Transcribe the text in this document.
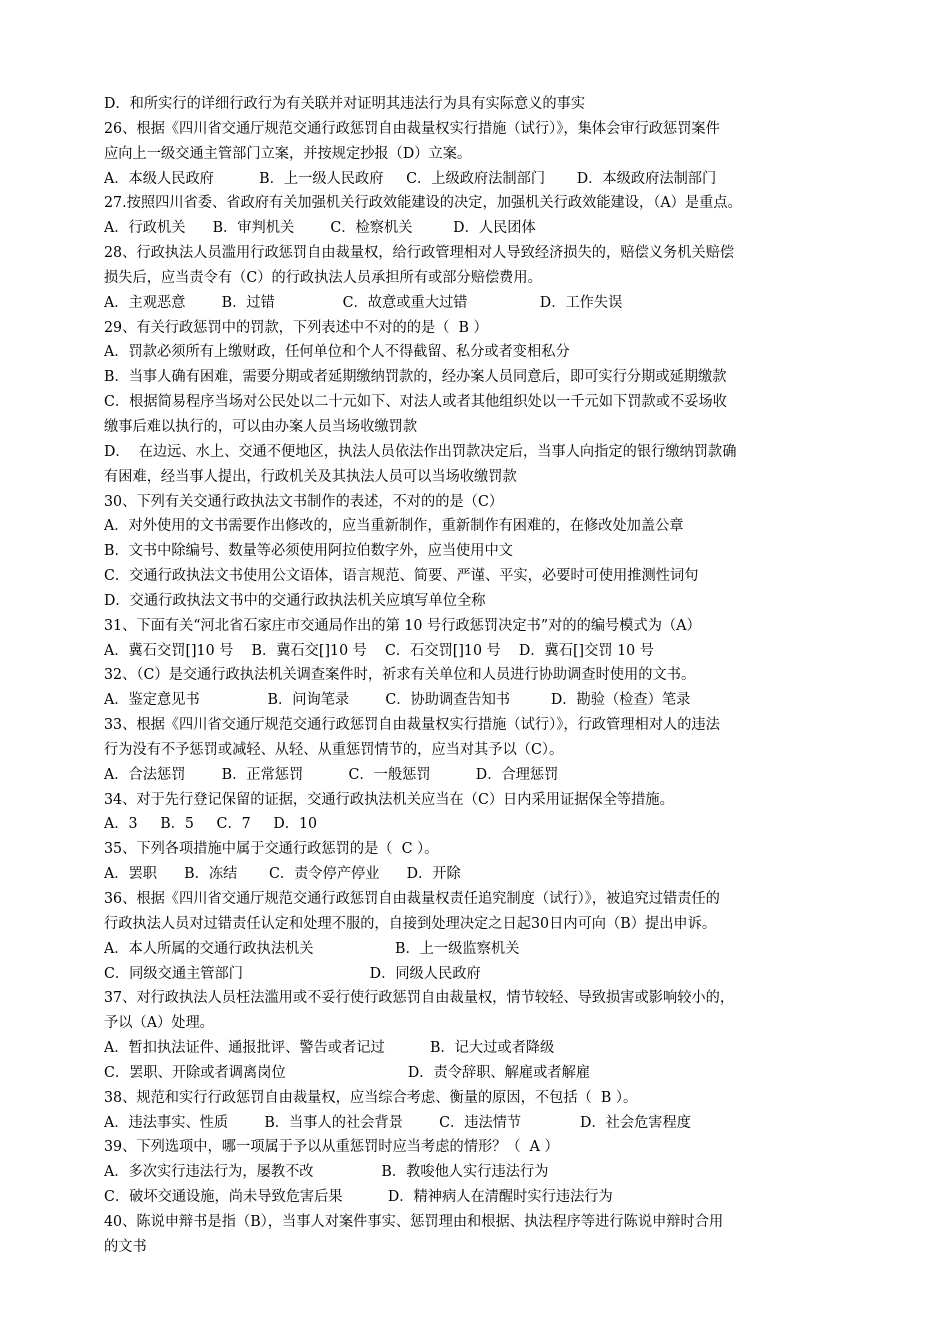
D．和所实行的详细行政行为有关联并对证明其违法行为具有实际意义的事实
26、根据《四川省交通厅规范交通行政惩罚自由裁量权实行措施（试行）》，集体会审行政惩罚案件
应向上一级交通主管部门立案，并按规定抄报（D）立案。
A．本级人民政府          B．上一级人民政府     C．上级政府法制部门       D．本级政府法制部门
27.按照四川省委、省政府有关加强机关行政效能建设的决定，加强机关行政效能建设，（A）是重点。
A．行政机关      B．审判机关        C．检察机关         D．人民团体
28、行政执法人员滥用行政惩罚自由裁量权，给行政管理相对人导致经济损失的，赔偿义务机关赔偿
损失后，应当责令有（C）的行政执法人员承担所有或部分赔偿费用。
A．主观恶意        B．过错               C．故意或重大过错                D．工作失误
29、有关行政惩罚中的罚款，下列表述中不对的的是（  B ）
A．罚款必须所有上缴财政，任何单位和个人不得截留、私分或者变相私分
B．当事人确有困难，需要分期或者延期缴纳罚款的，经办案人员同意后，即可实行分期或延期缴款
C．根据简易程序当场对公民处以二十元如下、对法人或者其他组织处以一千元如下罚款或不妥场收
缴事后难以执行的，可以由办案人员当场收缴罚款
D．  在边远、水上、交通不便地区，执法人员依法作出罚款决定后，当事人向指定的银行缴纳罚款确
有困难，经当事人提出，行政机关及其执法人员可以当场收缴罚款
30、下列有关交通行政执法文书制作的表述，不对的的是（C）
A．对外使用的文书需要作出修改的，应当重新制作，重新制作有困难的，在修改处加盖公章
B．文书中除编号、数量等必须使用阿拉伯数字外，应当使用中文
C．交通行政执法文书使用公文语体，语言规范、简要、严谨、平实，必要时可使用推测性词句
D．交通行政执法文书中的交通行政执法机关应填写单位全称
31、下面有关“河北省石家庄市交通局作出的第 10 号行政惩罚决定书”对的的编号模式为（A）
A．冀石交罚[]10 号    B．冀石交[]10 号    C．石交罚[]10 号    D．冀石[]交罚 10 号
32、（C）是交通行政执法机关调查案件时，祈求有关单位和人员进行协助调查时使用的文书。
A．鉴定意见书               B．问询笔录        C．协助调查告知书         D．勘验（检查）笔录
33、根据《四川省交通厅规范交通行政惩罚自由裁量权实行措施（试行）》，行政管理相对人的违法
行为没有不予惩罚或减轻、从轻、从重惩罚情节的，应当对其予以（C）。
A．合法惩罚        B．正常惩罚          C．一般惩罚          D．合理惩罚
34、对于先行登记保留的证据，交通行政执法机关应当在（C）日内采用证据保全等措施。
A．3     B．5     C．7     D．10
35、下列各项措施中属于交通行政惩罚的是（  C ）。
A．罢职      B．冻结       C．责令停产停业      D．开除
36、根据《四川省交通厅规范交通行政惩罚自由裁量权责任追究制度（试行）》，被追究过错责任的
行政执法人员对过错责任认定和处理不服的，自接到处理决定之日起30日内可向（B）提出申诉。
A．本人所属的交通行政执法机关                  B．上一级监察机关
C．同级交通主管部门                            D．同级人民政府
37、对行政执法人员枉法滥用或不妥行使行政惩罚自由裁量权，情节较轻、导致损害或影响较小的，
予以（A）处理。
A．暂扣执法证件、通报批评、警告或者记过          B．记大过或者降级
C．罢职、开除或者调离岗位                           D．责令辞职、解雇或者解雇
38、规范和实行行政惩罚自由裁量权，应当综合考虑、衡量的原因，不包括（  B ）。
A．违法事实、性质        B．当事人的社会背景        C．违法情节             D．社会危害程度
39、下列选项中，哪一项属于予以从重惩罚时应当考虑的情形？（  A ）
A．多次实行违法行为，屡教不改               B．教唆他人实行违法行为
C．破坏交通设施，尚未导致危害后果          D．精神病人在清醒时实行违法行为
40、陈说申辩书是指（B），当事人对案件事实、惩罚理由和根据、执法程序等进行陈说申辩时合用
的文书
